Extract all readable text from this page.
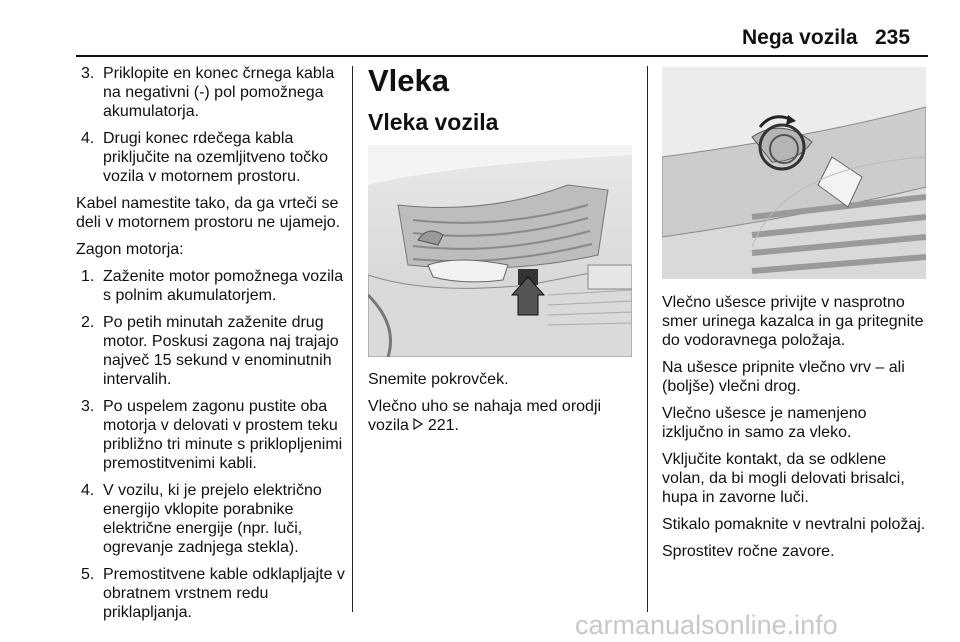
Nega vozila 235
3. Priklopite en konec črnega kabla na negativni (-) pol pomožnega akumulatorja.
4. Drugi konec rdečega kabla priključite na ozemljitveno točko vozila v motornem prostoru.

Kabel namestite tako, da ga vrteči se deli v motornem prostoru ne ujamejo.

Zagon motorja:

1. Zaženite motor pomožnega vozila s polnim akumulatorjem.
2. Po petih minutah zaženite drug motor. Poskusi zagona naj trajajo največ 15 sekund v enominutnih intervalih.
3. Po uspelem zagonu pustite oba motorja v delovati v prostem teku približno tri minute s priklopljenimi premostitvenimi kabli.
4. V vozilu, ki je prejelo električno energijo vklopite porabnike električne energije (npr. luči, ogrevanje zadnjega stekla).
5. Premostitvene kable odklapljajte v obratnem vrstnem redu priklapljanja.
Vleka
Vleka vozila

Snemite pokrovček.

Vlečno uho se nahaja med orodji vozila 221.

Vlečno ušesce privijte v nasprotno smer urinega kazalca in ga pritegnite do vodoravnega položaja.

Na ušesce pripnite vlečno vrv – ali (boljše) vlečni drog.

Vlečno ušesce je namenjeno izključno in samo za vleko.

Vključite kontakt, da se odklene volan, da bi mogli delovati brisalci, hupa in zavorne luči.

Stikalo pomaknite v nevtralni položaj.

Sprostitev ročne zavore.

carmanualsonline.info
